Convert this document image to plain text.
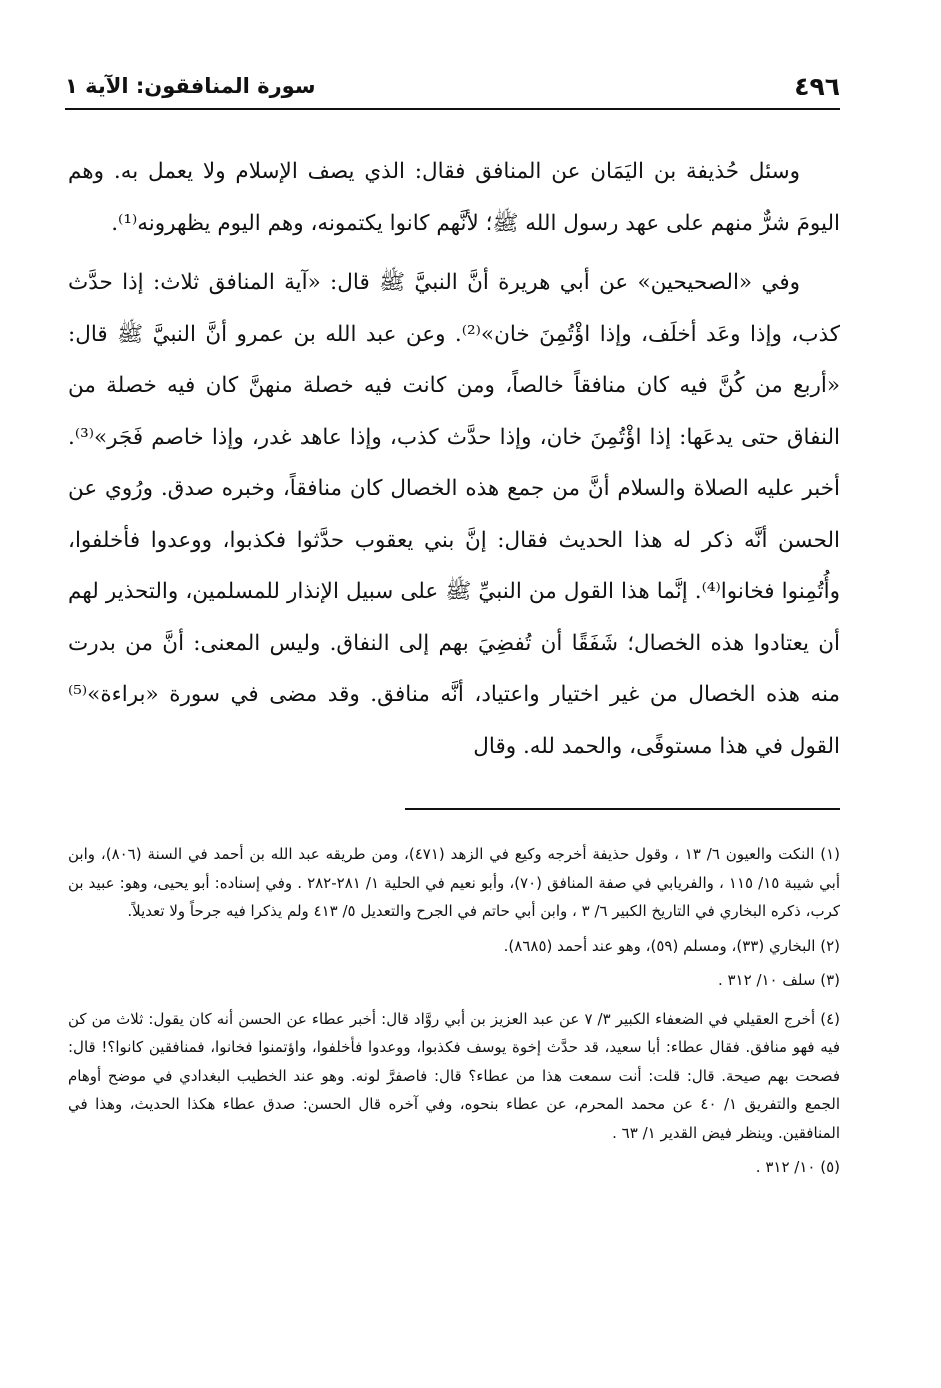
٤٩٦
سورة المنافقون: الآية ١

وسئل حُذيفة بن اليَمَان عن المنافق فقال: الذي يصف الإسلام ولا يعمل به. وهم اليومَ شرٌّ منهم على عهد رسول الله ﷺ؛ لأنَّهم كانوا يكتمونه، وهم اليوم يظهرونه⁽¹⁾.

وفي «الصحيحين» عن أبي هريرة أنَّ النبيَّ ﷺ قال: «آية المنافق ثلاث: إذا حدَّث كذب، وإذا وعَد أخلَف، وإذا اؤْتُمِنَ خان»⁽²⁾. وعن عبد الله بن عمرو أنَّ النبيَّ ﷺ قال: «أربع من كُنَّ فيه كان منافقاً خالصاً، ومن كانت فيه خصلة منهنَّ كان فيه خصلة من النفاق حتى يدعَها: إذا اؤْتُمِنَ خان، وإذا حدَّث كذب، وإذا عاهد غدر، وإذا خاصم فَجَر»⁽³⁾. أخبر عليه الصلاة والسلام أنَّ من جمع هذه الخصال كان منافقاً، وخبره صدق. ورُوي عن الحسن أنَّه ذكر له هذا الحديث فقال: إنَّ بني يعقوب حدَّثوا فكذبوا، ووعدوا فأخلفوا، وأُتُمِنوا فخانوا⁽⁴⁾. إنَّما هذا القول من النبيِّ ﷺ على سبيل الإنذار للمسلمين، والتحذير لهم أن يعتادوا هذه الخصال؛ شَفَقًا أن تُفضِيَ بهم إلى النفاق. وليس المعنى: أنَّ من بدرت منه هذه الخصال من غير اختيار واعتياد، أنَّه منافق. وقد مضى في سورة «براءة»⁽⁵⁾ القول في هذا مستوفًى، والحمد لله. وقال

(١) النكت والعيون ٦/ ١٣ ، وقول حذيفة أخرجه وكيع في الزهد (٤٧١)، ومن طريقه عبد الله بن أحمد في السنة (٨٠٦)، وابن أبي شيبة ١٥/ ١١٥ ، والفريابي في صفة المنافق (٧٠)، وأبو نعيم في الحلية ١/ ٢٨١-٢٨٢ . وفي إسناده: أبو يحيى، وهو: عبيد بن كرب، ذكره البخاري في التاريخ الكبير ٦/ ٣ ، وابن أبي حاتم في الجرح والتعديل ٥/ ٤١٣ ولم يذكرا فيه جرحاً ولا تعديلاً.

(٢) البخاري (٣٣)، ومسلم (٥٩)، وهو عند أحمد (٨٦٨٥).

(٣) سلف ١٠/ ٣١٢ .

(٤) أخرج العقيلي في الضعفاء الكبير ٣/ ٧ عن عبد العزيز بن أبي روَّاد قال: أخبر عطاء عن الحسن أنه كان يقول: ثلاث من كن فيه فهو منافق. فقال عطاء: أبا سعيد، قد حدَّث إخوة يوسف فكذبوا، ووعدوا فأخلفوا، واؤتمنوا فخانوا، فمنافقين كانوا؟! قال: فصحت بهم صيحة. قال: قلت: أنت سمعت هذا من عطاء؟ قال: فاصفرَّ لونه. وهو عند الخطيب البغدادي في موضح أوهام الجمع والتفريق ١/ ٤٠ عن محمد المحرم، عن عطاء بنحوه، وفي آخره قال الحسن: صدق عطاء هكذا الحديث، وهذا في المنافقين. وينظر فيض القدير ١/ ٦٣ .

(٥) ١٠/ ٣١٢ .
